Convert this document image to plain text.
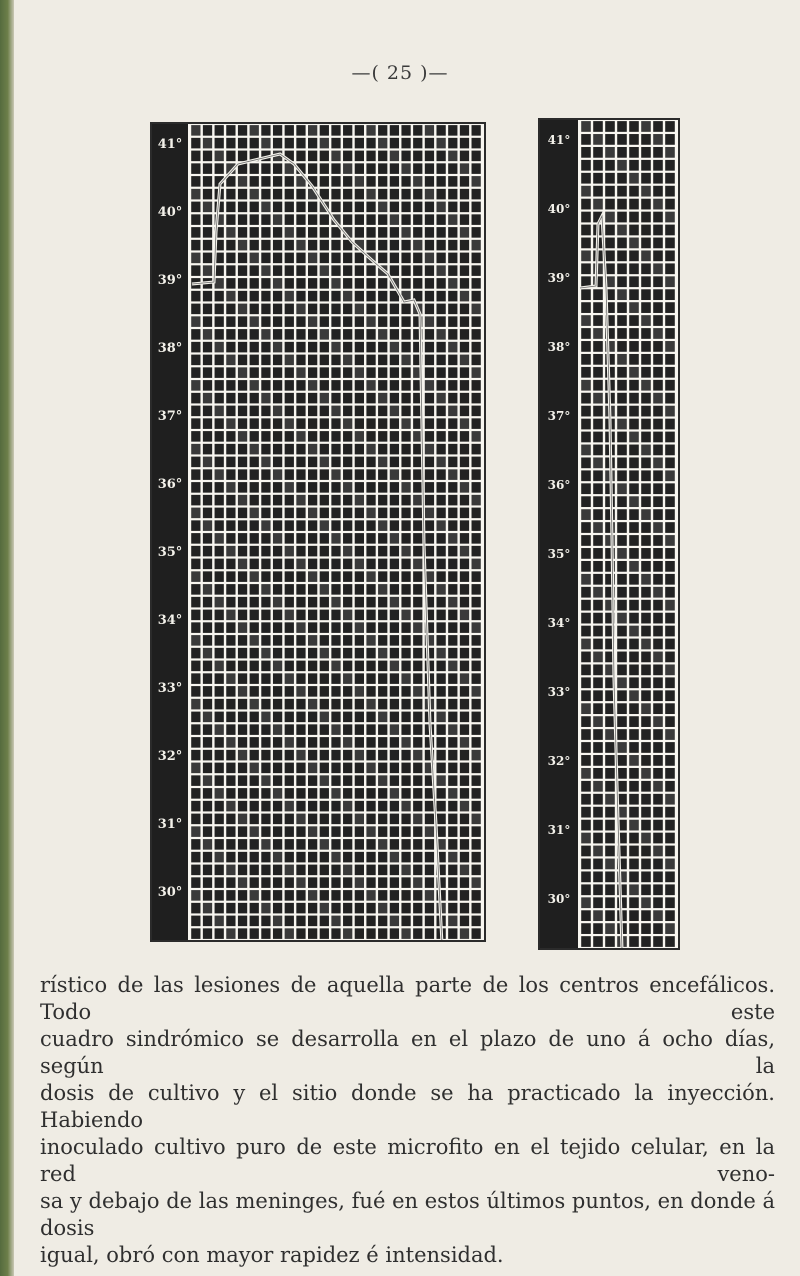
—( 25 )—

41°
40°
39°
38°
37°
36°
35°
34°
33°
32°
31°
30°
41°
40°
39°
38°
37°
36°
35°
34°
33°
32°
31°
30°
rístico de las lesiones de aquella parte de los centros encefálicos. Todo este
cuadro sindrómico se desarrolla en el plazo de uno á ocho días, según la
dosis de cultivo y el sitio donde se ha practicado la inyección. Habiendo
inoculado cultivo puro de este microfito en el tejido celular, en la red veno-
sa y debajo de las meninges, fué en estos últimos puntos, en donde á dosis
igual, obró con mayor rapidez é intensidad.
